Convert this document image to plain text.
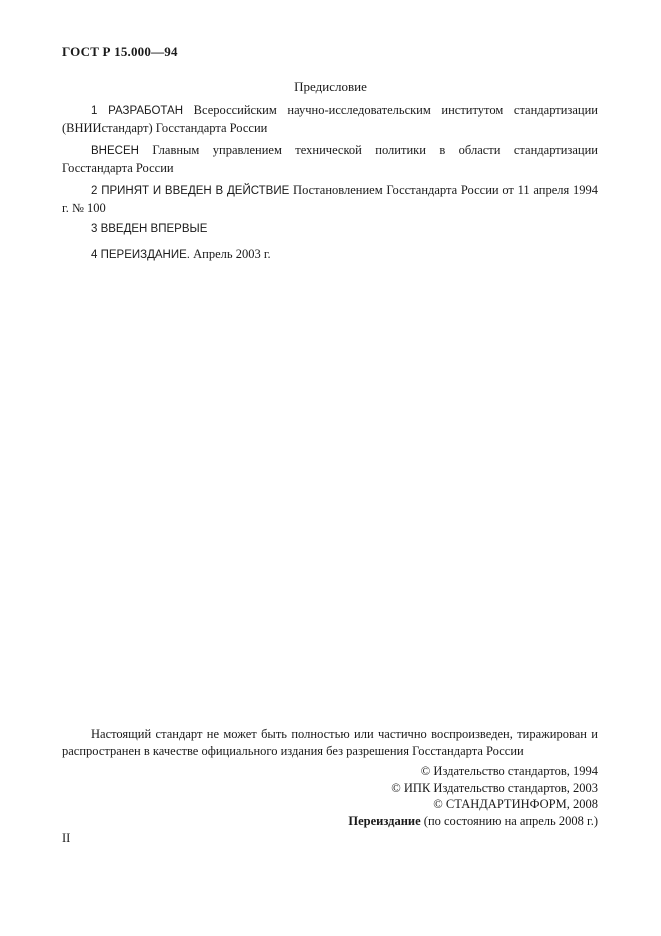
ГОСТ Р 15.000—94
Предисловие
1 РАЗРАБОТАН Всероссийским научно-исследовательским институтом стандартизации (ВНИИстандарт) Госстандарта России
ВНЕСЕН Главным управлением технической политики в области стандартизации Госстандарта России
2 ПРИНЯТ И ВВЕДЕН В ДЕЙСТВИЕ Постановлением Госстандарта России от 11 апреля 1994 г. № 100
3 ВВЕДЕН ВПЕРВЫЕ
4 ПЕРЕИЗДАНИЕ. Апрель 2003 г.
Настоящий стандарт не может быть полностью или частично воспроизведен, тиражирован и распространен в качестве официального издания без разрешения Госстандарта России
© Издательство стандартов, 1994
© ИПК Издательство стандартов, 2003
© СТАНДАРТИНФОРМ, 2008
Переиздание (по состоянию на апрель 2008 г.)
II
